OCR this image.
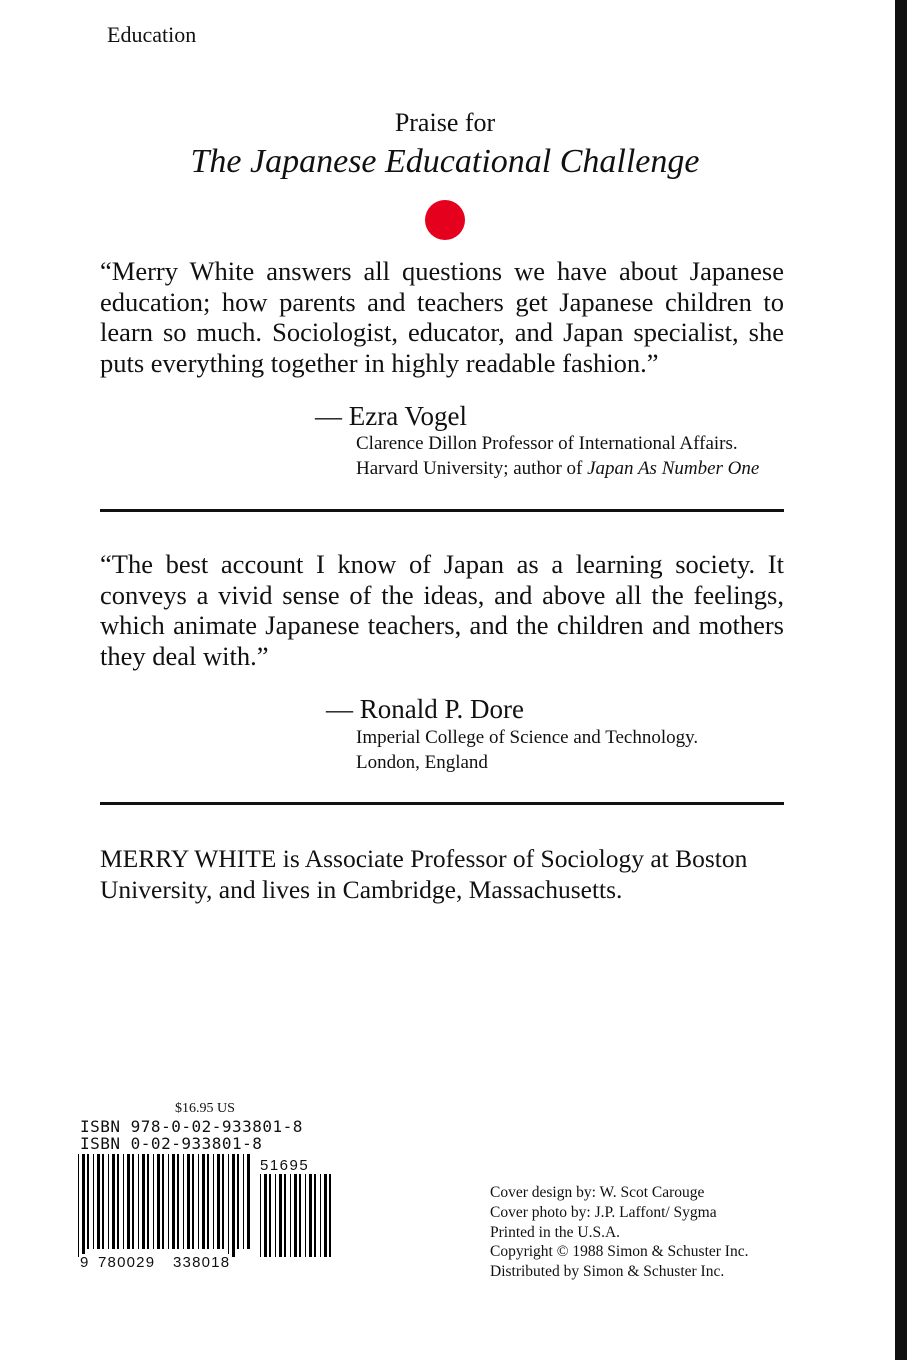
Education
Praise for
The Japanese Educational Challenge
“Merry White answers all questions we have about Japanese
education; how parents and teachers get Japanese children to
learn so much. Sociologist, educator, and Japan specialist, she
puts everything together in highly readable fashion.”
— Ezra Vogel
Clarence Dillon Professor of International Affairs.
Harvard University; author of Japan As Number One
“The best account I know of Japan as a learning society. It
conveys a vivid sense of the ideas, and above all the feelings,
which animate Japanese teachers, and the children and mothers
they deal with.”
— Ronald P. Dore
Imperial College of Science and Technology.
London, England
MERRY WHITE is Associate Professor of Sociology at Boston
University, and lives in Cambridge, Massachusetts.
$16.95 US
ISBN 978-0-02-933801-8
ISBN 0-02-933801-8
51695
9 780029 338018
Cover design by: W. Scot Carouge
Cover photo by: J.P. Laffont/ Sygma
Printed in the U.S.A.
Copyright © 1988 Simon & Schuster Inc.
Distributed by Simon & Schuster Inc.
